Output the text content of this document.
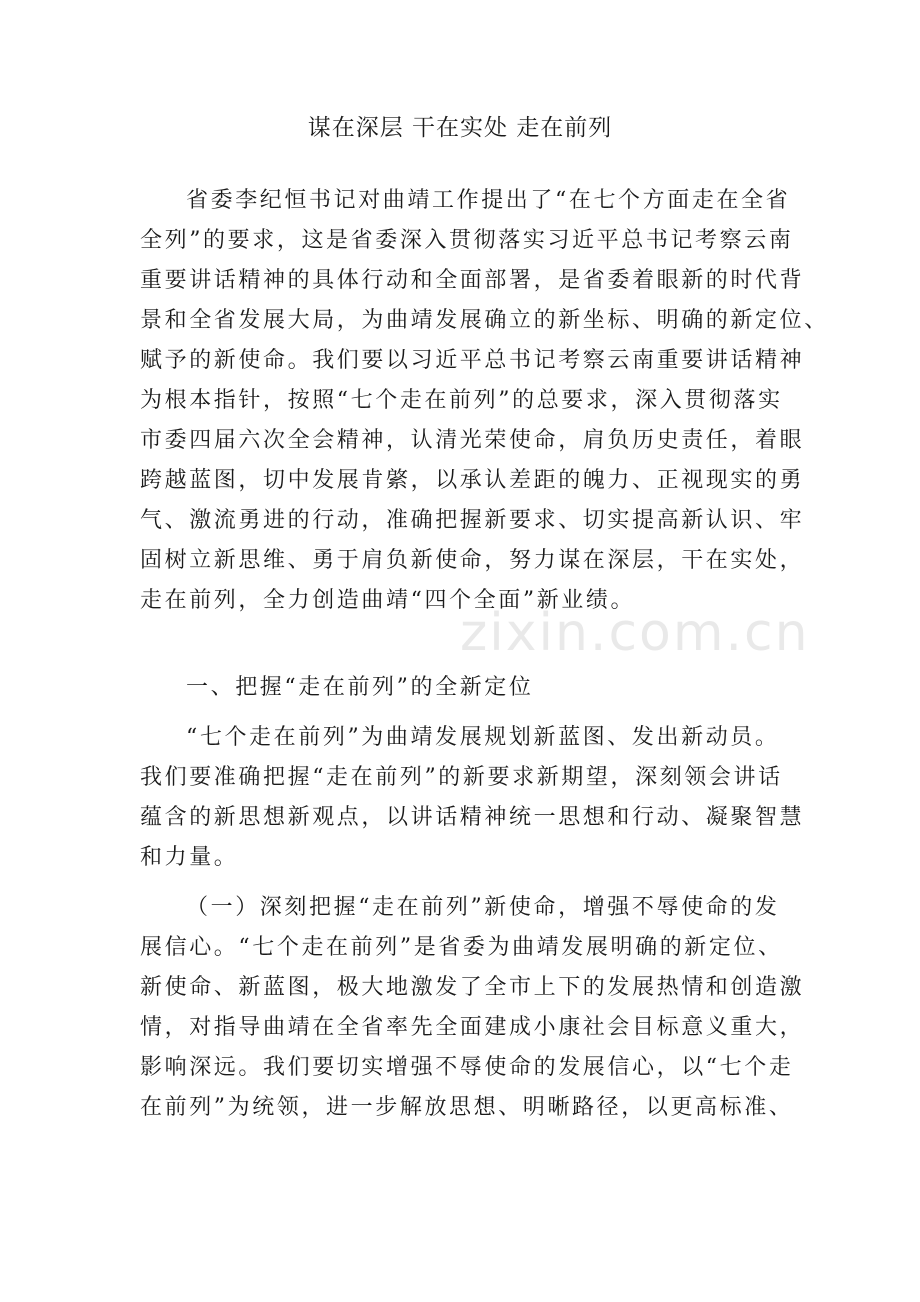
谋在深层 干在实处 走在前列
省委李纪恒书记对曲靖工作提出了“在七个方面走在全省
全列”的要求，这是省委深入贯彻落实习近平总书记考察云南
重要讲话精神的具体行动和全面部署，是省委着眼新的时代背
景和全省发展大局，为曲靖发展确立的新坐标、明确的新定位、
赋予的新使命。我们要以习近平总书记考察云南重要讲话精神
为根本指针，按照“七个走在前列”的总要求，深入贯彻落实
市委四届六次全会精神，认清光荣使命，肩负历史责任，着眼
跨越蓝图，切中发展肯綮，以承认差距的魄力、正视现实的勇
气、激流勇进的行动，准确把握新要求、切实提高新认识、牢
固树立新思维、勇于肩负新使命，努力谋在深层，干在实处，
走在前列，全力创造曲靖“四个全面”新业绩。
zixin.com.cn
一、把握“走在前列”的全新定位
“七个走在前列”为曲靖发展规划新蓝图、发出新动员。
我们要准确把握“走在前列”的新要求新期望，深刻领会讲话
蕴含的新思想新观点，以讲话精神统一思想和行动、凝聚智慧
和力量。
（一）深刻把握“走在前列”新使命，增强不辱使命的发
展信心。“七个走在前列”是省委为曲靖发展明确的新定位、
新使命、新蓝图，极大地激发了全市上下的发展热情和创造激
情，对指导曲靖在全省率先全面建成小康社会目标意义重大，
影响深远。我们要切实增强不辱使命的发展信心，以“七个走
在前列”为统领，进一步解放思想、明晰路径，以更高标准、
